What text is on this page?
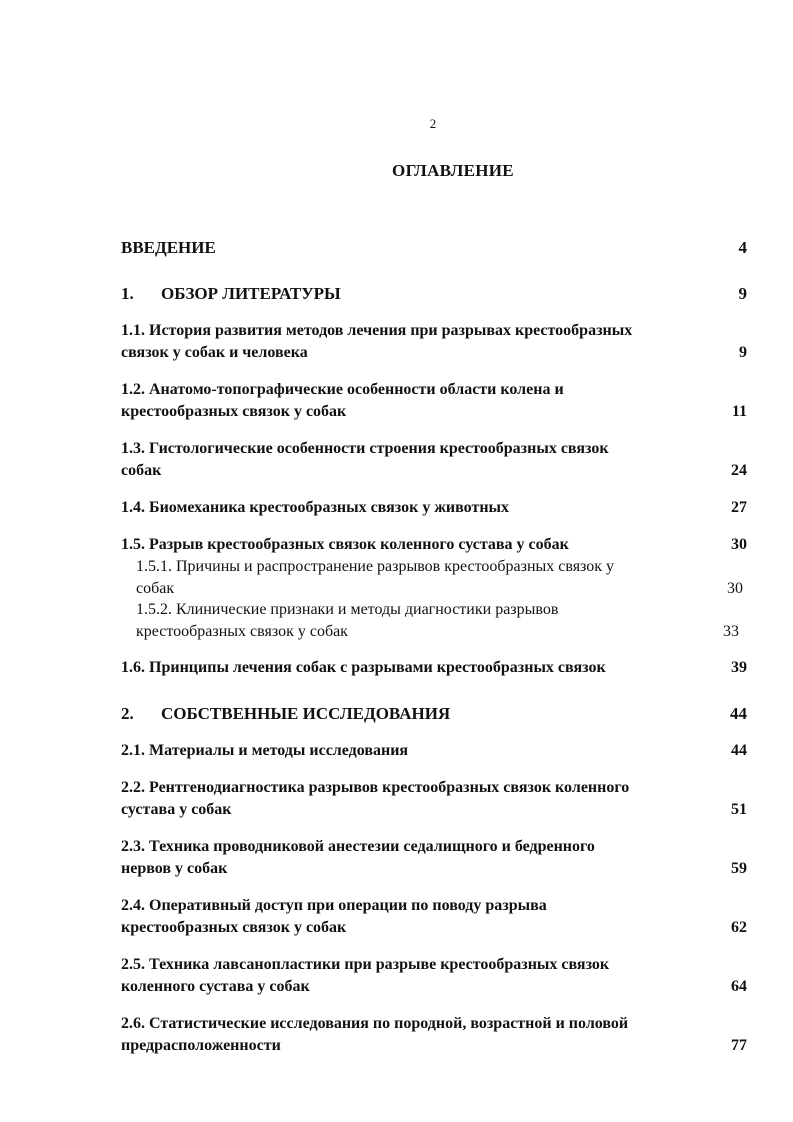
2
ОГЛАВЛЕНИЕ
ВВЕДЕНИЕ	4
1. ОБЗОР ЛИТЕРАТУРЫ	9
1.1. История развития методов лечения при разрывах крестообразных
связок у собак и человека	9
1.2. Анатомо-топографические особенности области колена и
крестообразных связок у собак	11
1.3. Гистологические особенности строения крестообразных связок
собак	24
1.4. Биомеханика крестообразных связок у животных	27
1.5. Разрыв крестообразных связок коленного сустава у собак	30
1.5.1. Причины и распространение разрывов крестообразных связок у
собак	30
1.5.2. Клинические признаки и методы диагностики разрывов
крестообразных связок у собак	33
1.6. Принципы лечения собак с разрывами крестообразных связок	39
2. СОБСТВЕННЫЕ ИССЛЕДОВАНИЯ	44
2.1. Материалы и методы исследования	44
2.2. Рентгенодиагностика разрывов крестообразных связок коленного
сустава у собак	51
2.3. Техника проводниковой анестезии седалищного и бедренного
нервов у собак	59
2.4. Оперативный доступ при операции по поводу разрыва
крестообразных связок у собак	62
2.5. Техника лавсанопластики при разрыве крестообразных связок
коленного сустава у собак	64
2.6. Статистические исследования по породной, возрастной и половой
предрасположенности	77
